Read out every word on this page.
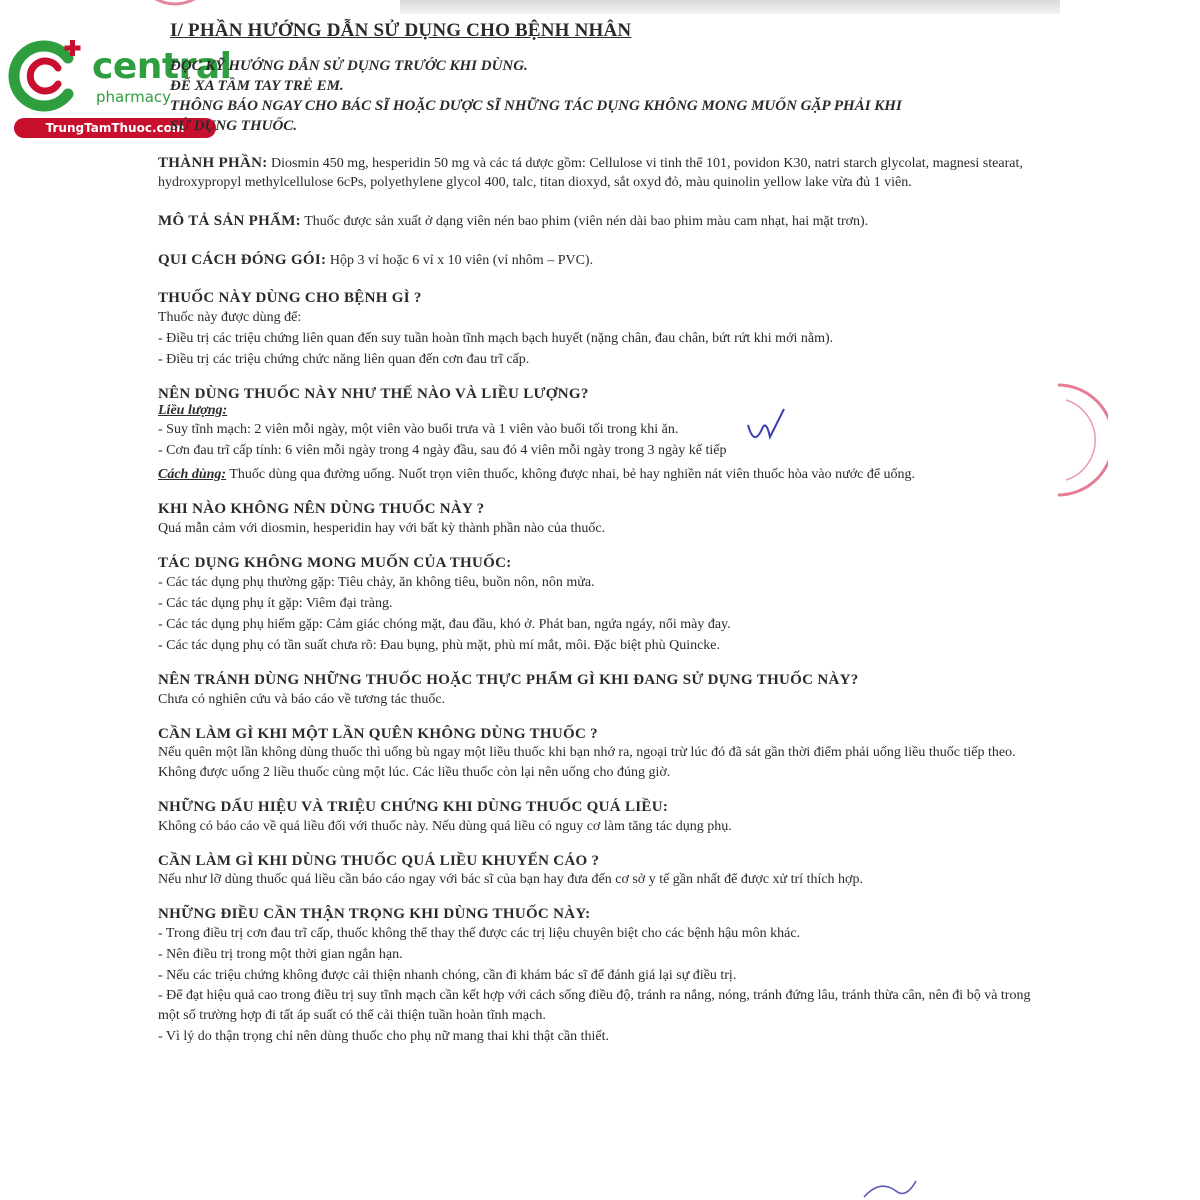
central
pharmacy
TrungTamThuoc.com
I/ PHẦN HƯỚNG DẪN SỬ DỤNG CHO BỆNH NHÂN
ĐỌC KỸ HƯỚNG DẪN SỬ DỤNG TRƯỚC KHI DÙNG.
ĐỂ XA TẦM TAY TRẺ EM.
THÔNG BÁO NGAY CHO BÁC SĨ HOẶC DƯỢC SĨ NHỮNG TÁC DỤNG KHÔNG MONG MUỐN GẶP PHẢI KHI
SỬ DỤNG THUỐC.
THÀNH PHẦN: Diosmin 450 mg, hesperidin 50 mg và các tá dược gồm: Cellulose vi tinh thể 101, povidon K30, natri starch glycolat, magnesi stearat, hydroxypropyl methylcellulose 6cPs, polyethylene glycol 400, talc, titan dioxyd, sắt oxyd đỏ, màu quinolin yellow lake vừa đủ 1 viên.
MÔ TẢ SẢN PHẨM: Thuốc được sản xuất ở dạng viên nén bao phim (viên nén dài bao phim màu cam nhạt, hai mặt trơn).
QUI CÁCH ĐÓNG GÓI: Hộp 3 vỉ hoặc 6 vỉ x 10 viên (vỉ nhôm – PVC).
THUỐC NÀY DÙNG CHO BỆNH GÌ ?
Thuốc này được dùng để:
- Điều trị các triệu chứng liên quan đến suy tuần hoàn tĩnh mạch bạch huyết (nặng chân, đau chân, bứt rứt khi mới nằm).
- Điều trị các triệu chứng chức năng liên quan đến cơn đau trĩ cấp.
NÊN DÙNG THUỐC NÀY NHƯ THẾ NÀO VÀ LIỀU LƯỢNG?
Liều lượng:
- Suy tĩnh mạch: 2 viên mỗi ngày, một viên vào buổi trưa và 1 viên vào buổi tối trong khi ăn.
- Cơn đau trĩ cấp tính: 6 viên mỗi ngày trong 4 ngày đầu, sau đó 4 viên mỗi ngày trong 3 ngày kế tiếp
Cách dùng: Thuốc dùng qua đường uống. Nuốt trọn viên thuốc, không được nhai, bẻ hay nghiền nát viên thuốc hòa vào nước để uống.
KHI NÀO KHÔNG NÊN DÙNG THUỐC NÀY ?
Quá mẫn cảm với diosmin, hesperidin hay với bất kỳ thành phần nào của thuốc.
TÁC DỤNG KHÔNG MONG MUỐN CỦA THUỐC:
- Các tác dụng phụ thường gặp: Tiêu chảy, ăn không tiêu, buồn nôn, nôn mửa.
- Các tác dụng phụ ít gặp: Viêm đại tràng.
- Các tác dụng phụ hiếm gặp: Cảm giác chóng mặt, đau đầu, khó ở. Phát ban, ngứa ngáy, nổi mày đay.
- Các tác dụng phụ có tần suất chưa rõ: Đau bụng, phù mặt, phù mí mắt, môi. Đặc biệt phù Quincke.
NÊN TRÁNH DÙNG NHỮNG THUỐC HOẶC THỰC PHẨM GÌ KHI ĐANG SỬ DỤNG THUỐC NÀY?
Chưa có nghiên cứu và báo cáo về tương tác thuốc.
CẦN LÀM GÌ KHI MỘT LẦN QUÊN KHÔNG DÙNG THUỐC ?
Nếu quên một lần không dùng thuốc thì uống bù ngay một liều thuốc khi bạn nhớ ra, ngoại trừ lúc đó đã sát gần thời điểm phải uống liều thuốc tiếp theo. Không được uống 2 liều thuốc cùng một lúc. Các liều thuốc còn lại nên uống cho đúng giờ.
NHỮNG DẤU HIỆU VÀ TRIỆU CHỨNG KHI DÙNG THUỐC QUÁ LIỀU:
Không có báo cáo về quá liều đối với thuốc này. Nếu dùng quá liều có nguy cơ làm tăng tác dụng phụ.
CẦN LÀM GÌ KHI DÙNG THUỐC QUÁ LIỀU KHUYẾN CÁO ?
Nếu như lỡ dùng thuốc quá liều cần báo cáo ngay với bác sĩ của bạn hay đưa đến cơ sở y tế gần nhất để được xử trí thích hợp.
NHỮNG ĐIỀU CẦN THẬN TRỌNG KHI DÙNG THUỐC NÀY:
- Trong điều trị cơn đau trĩ cấp, thuốc không thể thay thế được các trị liệu chuyên biệt cho các bệnh hậu môn khác.
- Nên điều trị trong một thời gian ngắn hạn.
- Nếu các triệu chứng không được cải thiện nhanh chóng, cần đi khám bác sĩ để đánh giá lại sự điều trị.
- Để đạt hiệu quả cao trong điều trị suy tĩnh mạch cần kết hợp với cách sống điều độ, tránh ra nắng, nóng, tránh đứng lâu, tránh thừa cân, nên đi bộ và trong một số trường hợp đi tất áp suất có thể cải thiện tuần hoàn tĩnh mạch.
- Vì lý do thận trọng chỉ nên dùng thuốc cho phụ nữ mang thai khi thật cần thiết.
